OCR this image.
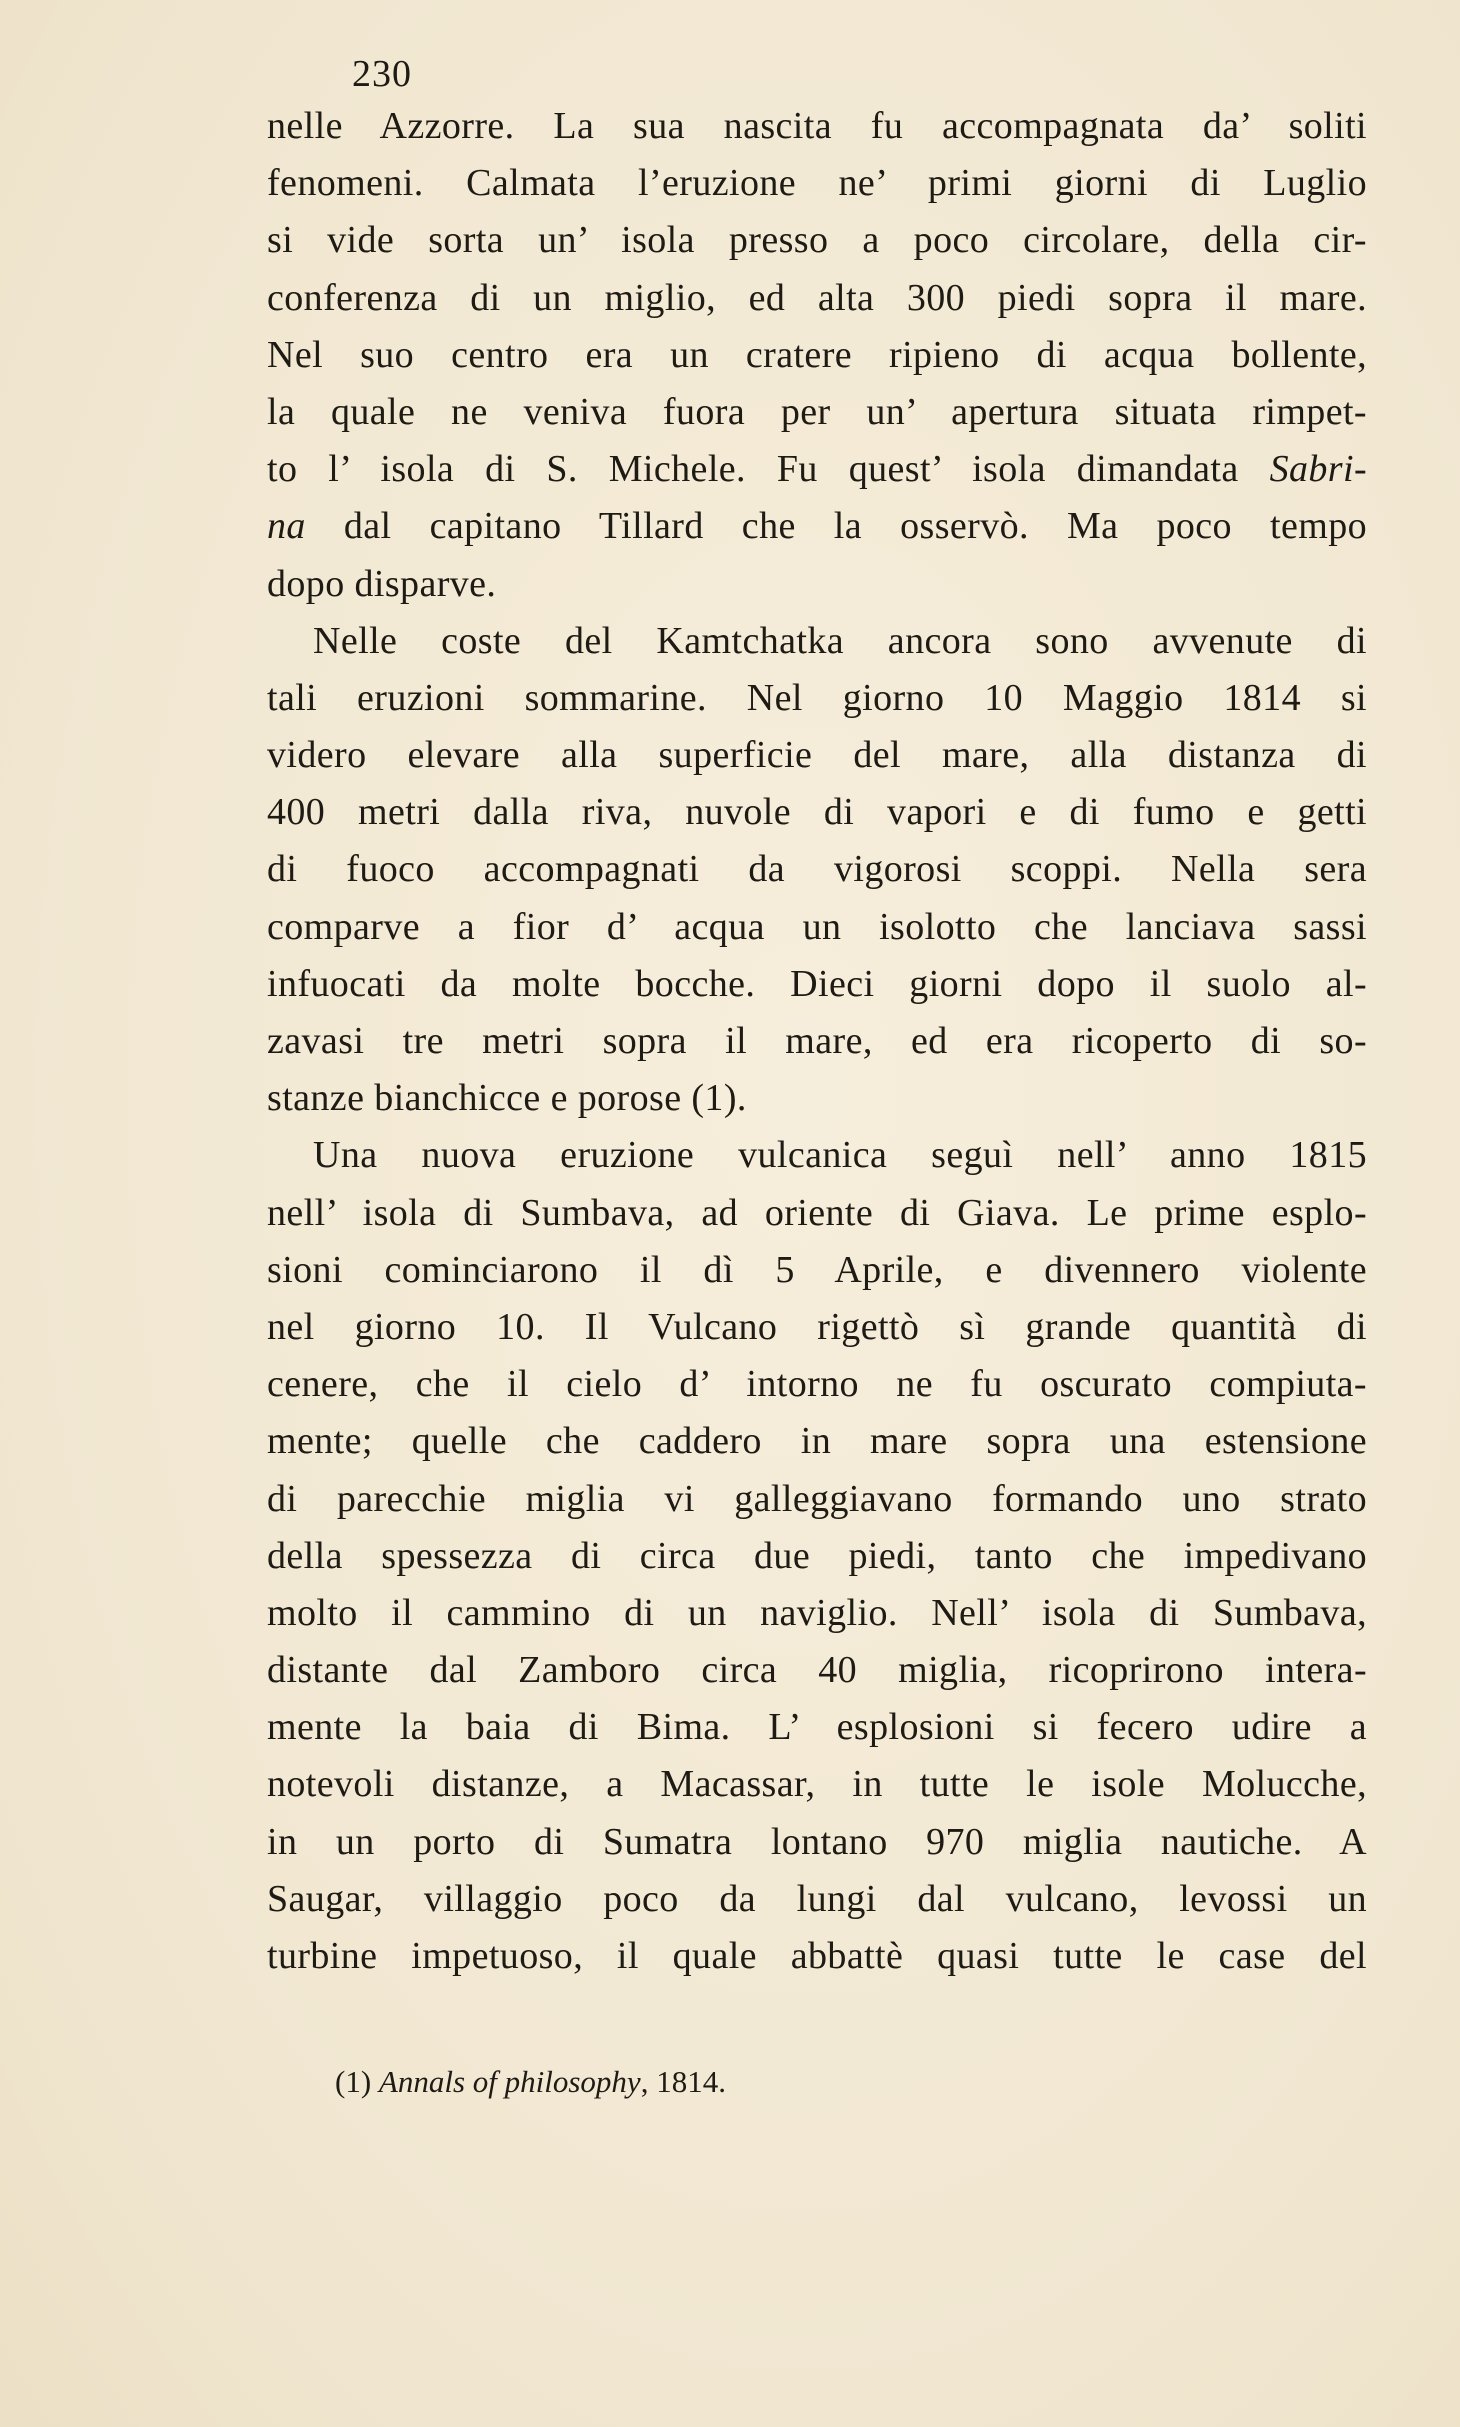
230
nelle Azzorre. La sua nascita fu accompagnata da’ soliti
fenomeni. Calmata l’eruzione ne’ primi giorni di Luglio
si vide sorta un’ isola presso a poco circolare, della cir-
conferenza di un miglio, ed alta 300 piedi sopra il mare.
Nel suo centro era un cratere ripieno di acqua bollente,
la quale ne veniva fuora per un’ apertura situata rimpet-
to l’ isola di S. Michele. Fu quest’ isola dimandata Sabri-
na dal capitano Tillard che la osservò. Ma poco tempo
dopo disparve.
Nelle coste del Kamtchatka ancora sono avvenute di
tali eruzioni sommarine. Nel giorno 10 Maggio 1814 si
videro elevare alla superficie del mare, alla distanza di
400 metri dalla riva, nuvole di vapori e di fumo e getti
di fuoco accompagnati da vigorosi scoppi. Nella sera
comparve a fior d’ acqua un isolotto che lanciava sassi
infuocati da molte bocche. Dieci giorni dopo il suolo al-
zavasi tre metri sopra il mare, ed era ricoperto di so-
stanze bianchicce e porose (1).
Una nuova eruzione vulcanica seguì nell’ anno 1815
nell’ isola di Sumbava, ad oriente di Giava. Le prime esplo-
sioni cominciarono il dì 5 Aprile, e divennero violente
nel giorno 10. Il Vulcano rigettò sì grande quantità di
cenere, che il cielo d’ intorno ne fu oscurato compiuta-
mente; quelle che caddero in mare sopra una estensione
di parecchie miglia vi galleggiavano formando uno strato
della spessezza di circa due piedi, tanto che impedivano
molto il cammino di un naviglio. Nell’ isola di Sumbava,
distante dal Zamboro circa 40 miglia, ricoprirono intera-
mente la baia di Bima. L’ esplosioni si fecero udire a
notevoli distanze, a Macassar, in tutte le isole Molucche,
in un porto di Sumatra lontano 970 miglia nautiche. A
Saugar, villaggio poco da lungi dal vulcano, levossi un
turbine impetuoso, il quale abbattè quasi tutte le case del
(1) Annals of philosophy, 1814.
